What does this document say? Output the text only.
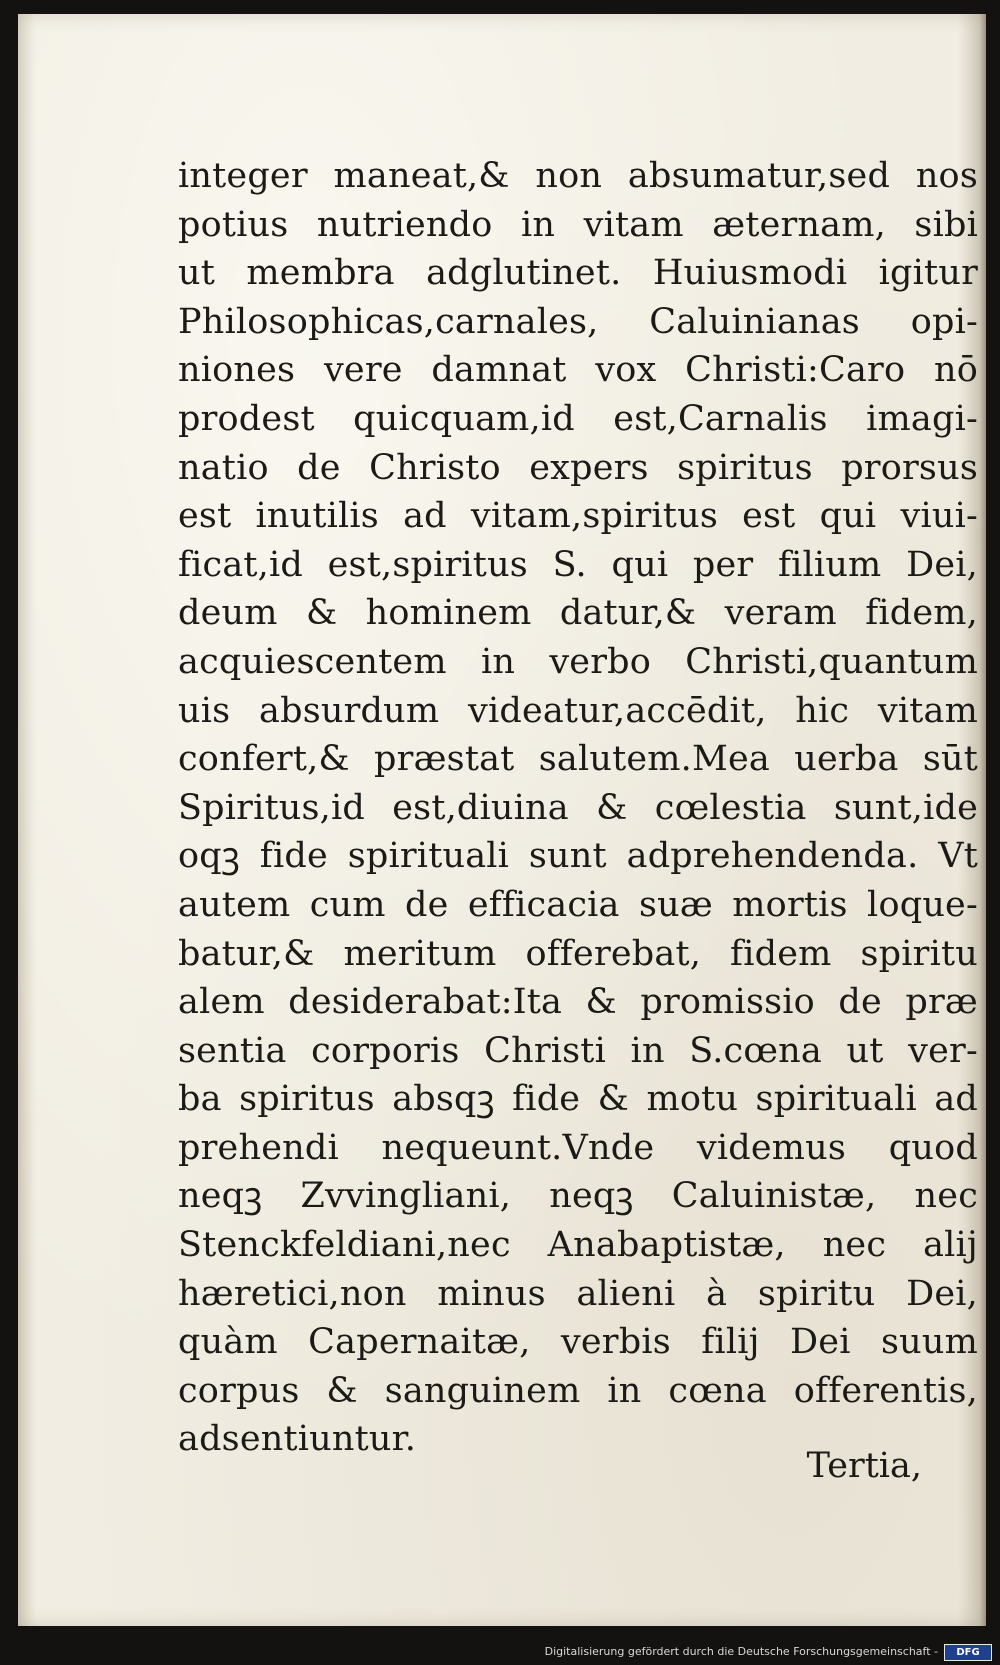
integer maneat,& non absumatur,sed nos
potius nutriendo in vitam æternam, sibi
ut membra adglutinet. Huiusmodi igitur
Philosophicas,carnales, Caluinianas opi-
niones vere damnat vox Christi:Caro nō
prodest quicquam,id est,Carnalis imagi-
natio de Christo expers spiritus prorsus
est inutilis ad vitam,spiritus est qui viui-
ficat,id est,spiritus S. qui per filium Dei,
deum & hominem datur,& veram fidem,
acquiescentem in verbo Christi,quantum
uis absurdum videatur,accēdit, hic vitam
confert,& præstat salutem.Mea uerba sūt
Spiritus,id est,diuina & cœlestia sunt,ide
oqꝫ fide spirituali sunt adprehendenda. Vt
autem cum de efficacia suæ mortis loque-
batur,& meritum offerebat, fidem spiritu
alem desiderabat:Ita & promissio de præ
sentia corporis Christi in S.cœna ut ver-
ba spiritus absqꝫ fide & motu spirituali ad
prehendi nequeunt.Vnde videmus quod
neqꝫ Zvvingliani, neqꝫ Caluinistæ, nec
Stenckfeldiani,nec Anabaptistæ, nec alij
hæretici,non minus alieni à spiritu Dei,
quàm Capernaitæ, verbis filij Dei suum
corpus & sanguinem in cœna offerentis,
adsentiuntur.
Tertia,
Digitalisierung gefördert durch die Deutsche Forschungsgemeinschaft -	DFG
